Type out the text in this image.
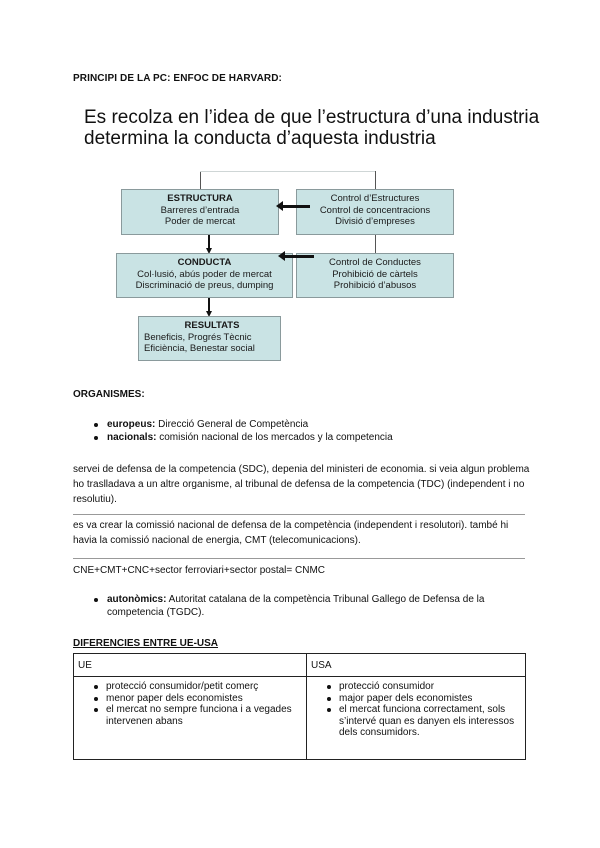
PRINCIPI DE LA PC: ENFOC DE HARVARD:
Es recolza en l’idea de que l’estructura d’una industria determina la conducta d’aquesta industria
ESTRUCTURA
Barreres d’entrada
Poder de mercat
Control d’Estructures
Control de concentracions
Divisió d’empreses
CONDUCTA
Col·lusió, abús poder de mercat
Discriminació de preus, dumping
Control de Conductes
Prohibició de càrtels
Prohibició d’abusos
RESULTATS
Beneficis, Progrés Tècnic
Eficiència, Benestar social
ORGANISMES:
europeus: Direcció General de Competència
nacionals: comisión nacional de los mercados y la competencia
servei de defensa de la competencia (SDC), depenia del ministeri de economia. si veia algun problema ho traslladava a un altre organisme, al tribunal de defensa de la competencia (TDC) (independent i no resolutiu).
es va crear la comissió nacional de defensa de la competència (independent i resolutori). també hi havia la comissió nacional de energia, CMT (telecomunicacions).
CNE+CMT+CNC+sector ferroviari+sector postal= CNMC
autonòmics: Autoritat catalana de la competència Tribunal Gallego de Defensa de la competencia (TGDC).
DIFERENCIES ENTRE UE-USA
UE	USA

protecció consumidor/petit comerç
menor paper dels economistes
el mercat no sempre funciona i a vegades intervenen abans

protecció consumidor
major paper dels economistes
el mercat funciona correctament, sols s’intervé quan es danyen els interessos dels consumidors.
